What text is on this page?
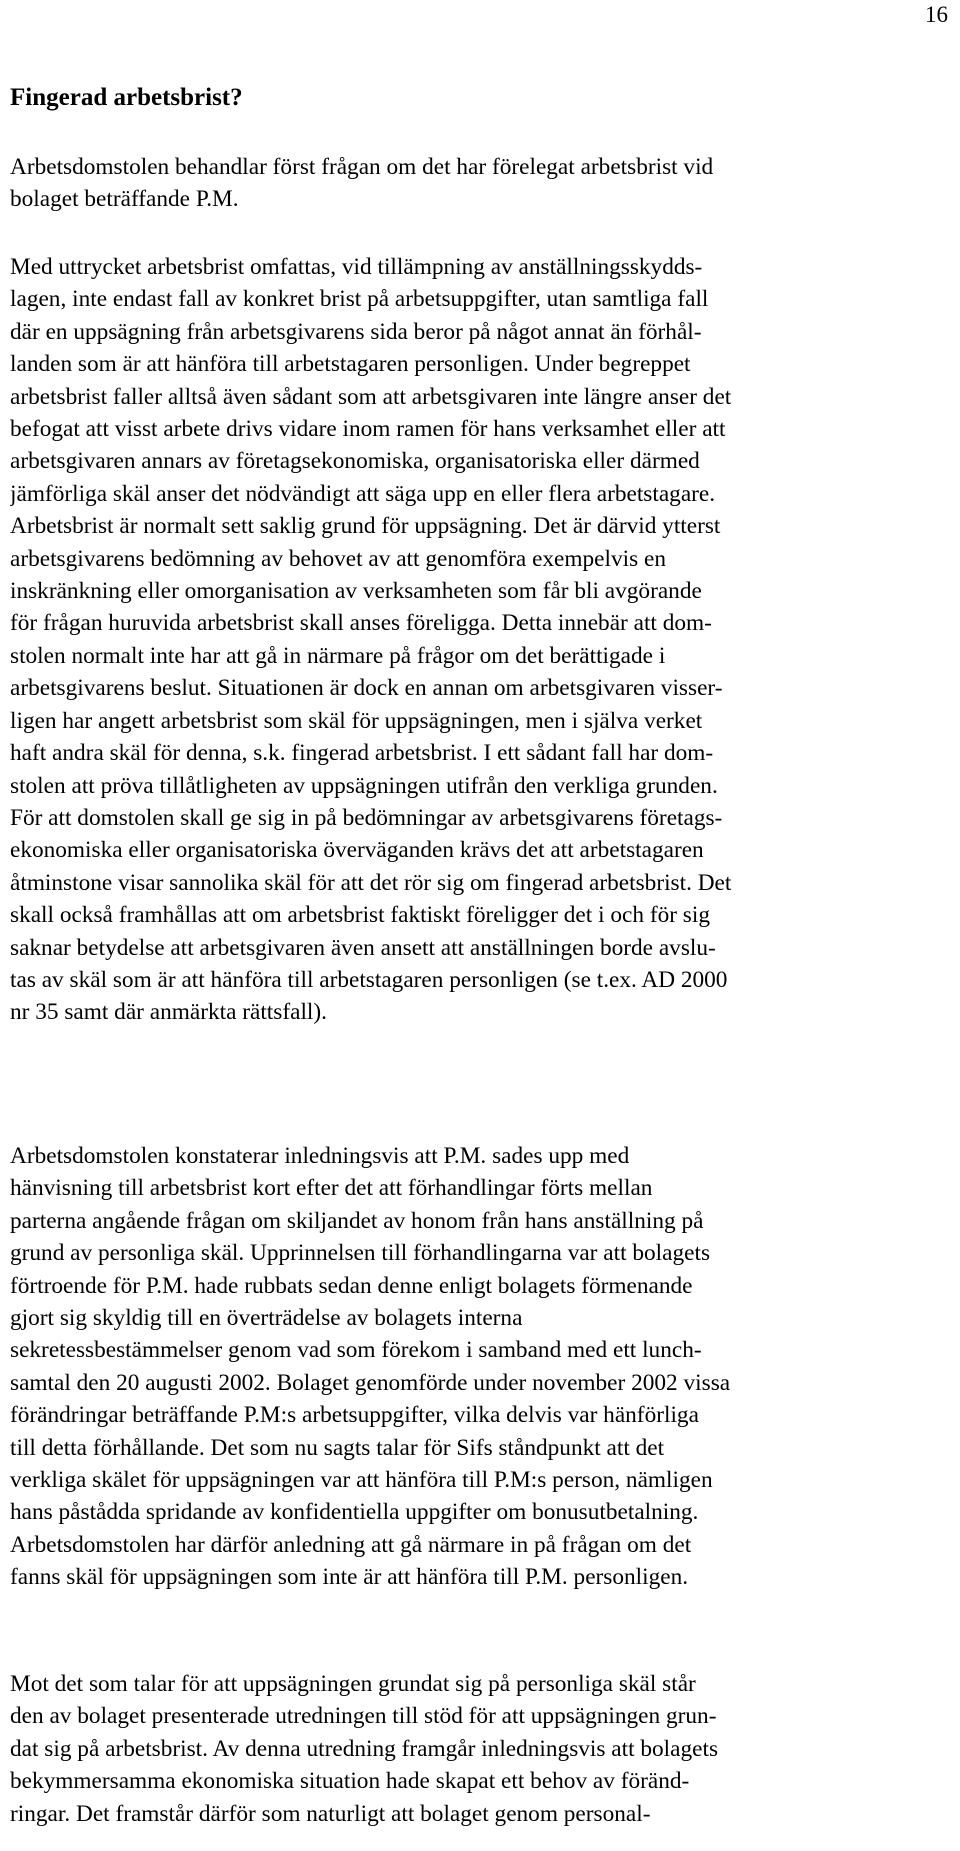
16
Fingerad arbetsbrist?
Arbetsdomstolen behandlar först frågan om det har förelegat arbetsbrist vid
bolaget beträffande P.M.
Med uttrycket arbetsbrist omfattas, vid tillämpning av anställningsskydds-
lagen, inte endast fall av konkret brist på arbetsuppgifter, utan samtliga fall
där en uppsägning från arbetsgivarens sida beror på något annat än förhål-
landen som är att hänföra till arbetstagaren personligen. Under begreppet
arbetsbrist faller alltså även sådant som att arbetsgivaren inte längre anser det
befogat att visst arbete drivs vidare inom ramen för hans verksamhet eller att
arbetsgivaren annars av företagsekonomiska, organisatoriska eller därmed
jämförliga skäl anser det nödvändigt att säga upp en eller flera arbetstagare.
Arbetsbrist är normalt sett saklig grund för uppsägning. Det är därvid ytterst
arbetsgivarens bedömning av behovet av att genomföra exempelvis en
inskränkning eller omorganisation av verksamheten som får bli avgörande
för frågan huruvida arbetsbrist skall anses föreligga. Detta innebär att dom-
stolen normalt inte har att gå in närmare på frågor om det berättigade i
arbetsgivarens beslut. Situationen är dock en annan om arbetsgivaren visser-
ligen har angett arbetsbrist som skäl för uppsägningen, men i själva verket
haft andra skäl för denna, s.k. fingerad arbetsbrist. I ett sådant fall har dom-
stolen att pröva tillåtligheten av uppsägningen utifrån den verkliga grunden.
För att domstolen skall ge sig in på bedömningar av arbetsgivarens företags-
ekonomiska eller organisatoriska överväganden krävs det att arbetstagaren
åtminstone visar sannolika skäl för att det rör sig om fingerad arbetsbrist. Det
skall också framhållas att om arbetsbrist faktiskt föreligger det i och för sig
saknar betydelse att arbetsgivaren även ansett att anställningen borde avslu-
tas av skäl som är att hänföra till arbetstagaren personligen (se t.ex. AD 2000
nr 35 samt där anmärkta rättsfall).
Arbetsdomstolen konstaterar inledningsvis att P.M. sades upp med
hänvisning till arbetsbrist kort efter det att förhandlingar förts mellan
parterna angående frågan om skiljandet av honom från hans anställning på
grund av personliga skäl. Upprinnelsen till förhandlingarna var att bolagets
förtroende för P.M. hade rubbats sedan denne enligt bolagets förmenande
gjort sig skyldig till en överträdelse av bolagets interna
sekretessbestämmelser genom vad som förekom i samband med ett lunch-
samtal den 20 augusti 2002. Bolaget genomförde under november 2002 vissa
förändringar beträffande P.M:s arbetsuppgifter, vilka delvis var hänförliga
till detta förhållande. Det som nu sagts talar för Sifs ståndpunkt att det
verkliga skälet för uppsägningen var att hänföra till P.M:s person, nämligen
hans påstådda spridande av konfidentiella uppgifter om bonusutbetalning.
Arbetsdomstolen har därför anledning att gå närmare in på frågan om det
fanns skäl för uppsägningen som inte är att hänföra till P.M. personligen.
Mot det som talar för att uppsägningen grundat sig på personliga skäl står
den av bolaget presenterade utredningen till stöd för att uppsägningen grun-
dat sig på arbetsbrist. Av denna utredning framgår inledningsvis att bolagets
bekymmersamma ekonomiska situation hade skapat ett behov av föränd-
ringar. Det framstår därför som naturligt att bolaget genom personal-
